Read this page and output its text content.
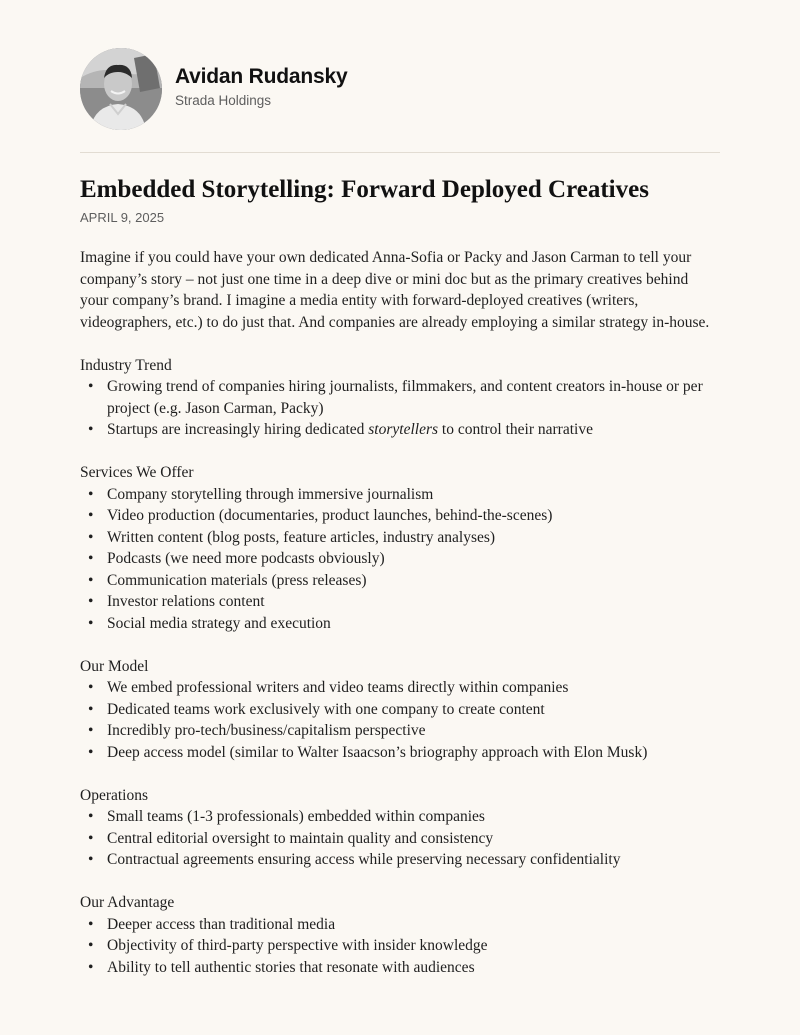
Avidan Rudansky
Strada Holdings
Embedded Storytelling: Forward Deployed Creatives
APRIL 9, 2025

Imagine if you could have your own dedicated Anna-Sofia or Packy and Jason Carman to tell your company’s story – not just one time in a deep dive or mini doc but as the primary creatives behind your company’s brand. I imagine a media entity with forward-deployed creatives (writers, videographers, etc.) to do just that. And companies are already employing a similar strategy in-house.

Industry Trend
• Growing trend of companies hiring journalists, filmmakers, and content creators in-house or per project (e.g. Jason Carman, Packy)
• Startups are increasingly hiring dedicated storytellers to control their narrative
Services We Offer
• Company storytelling through immersive journalism
• Video production (documentaries, product launches, behind-the-scenes)
• Written content (blog posts, feature articles, industry analyses)
• Podcasts (we need more podcasts obviously)
• Communication materials (press releases)
• Investor relations content
• Social media strategy and execution
Our Model
• We embed professional writers and video teams directly within companies
• Dedicated teams work exclusively with one company to create content
• Incredibly pro-tech/business/capitalism perspective
• Deep access model (similar to Walter Isaacson’s briography approach with Elon Musk)
Operations
• Small teams (1-3 professionals) embedded within companies
• Central editorial oversight to maintain quality and consistency
• Contractual agreements ensuring access while preserving necessary confidentiality
Our Advantage
• Deeper access than traditional media
• Objectivity of third-party perspective with insider knowledge
• Ability to tell authentic stories that resonate with audiences
